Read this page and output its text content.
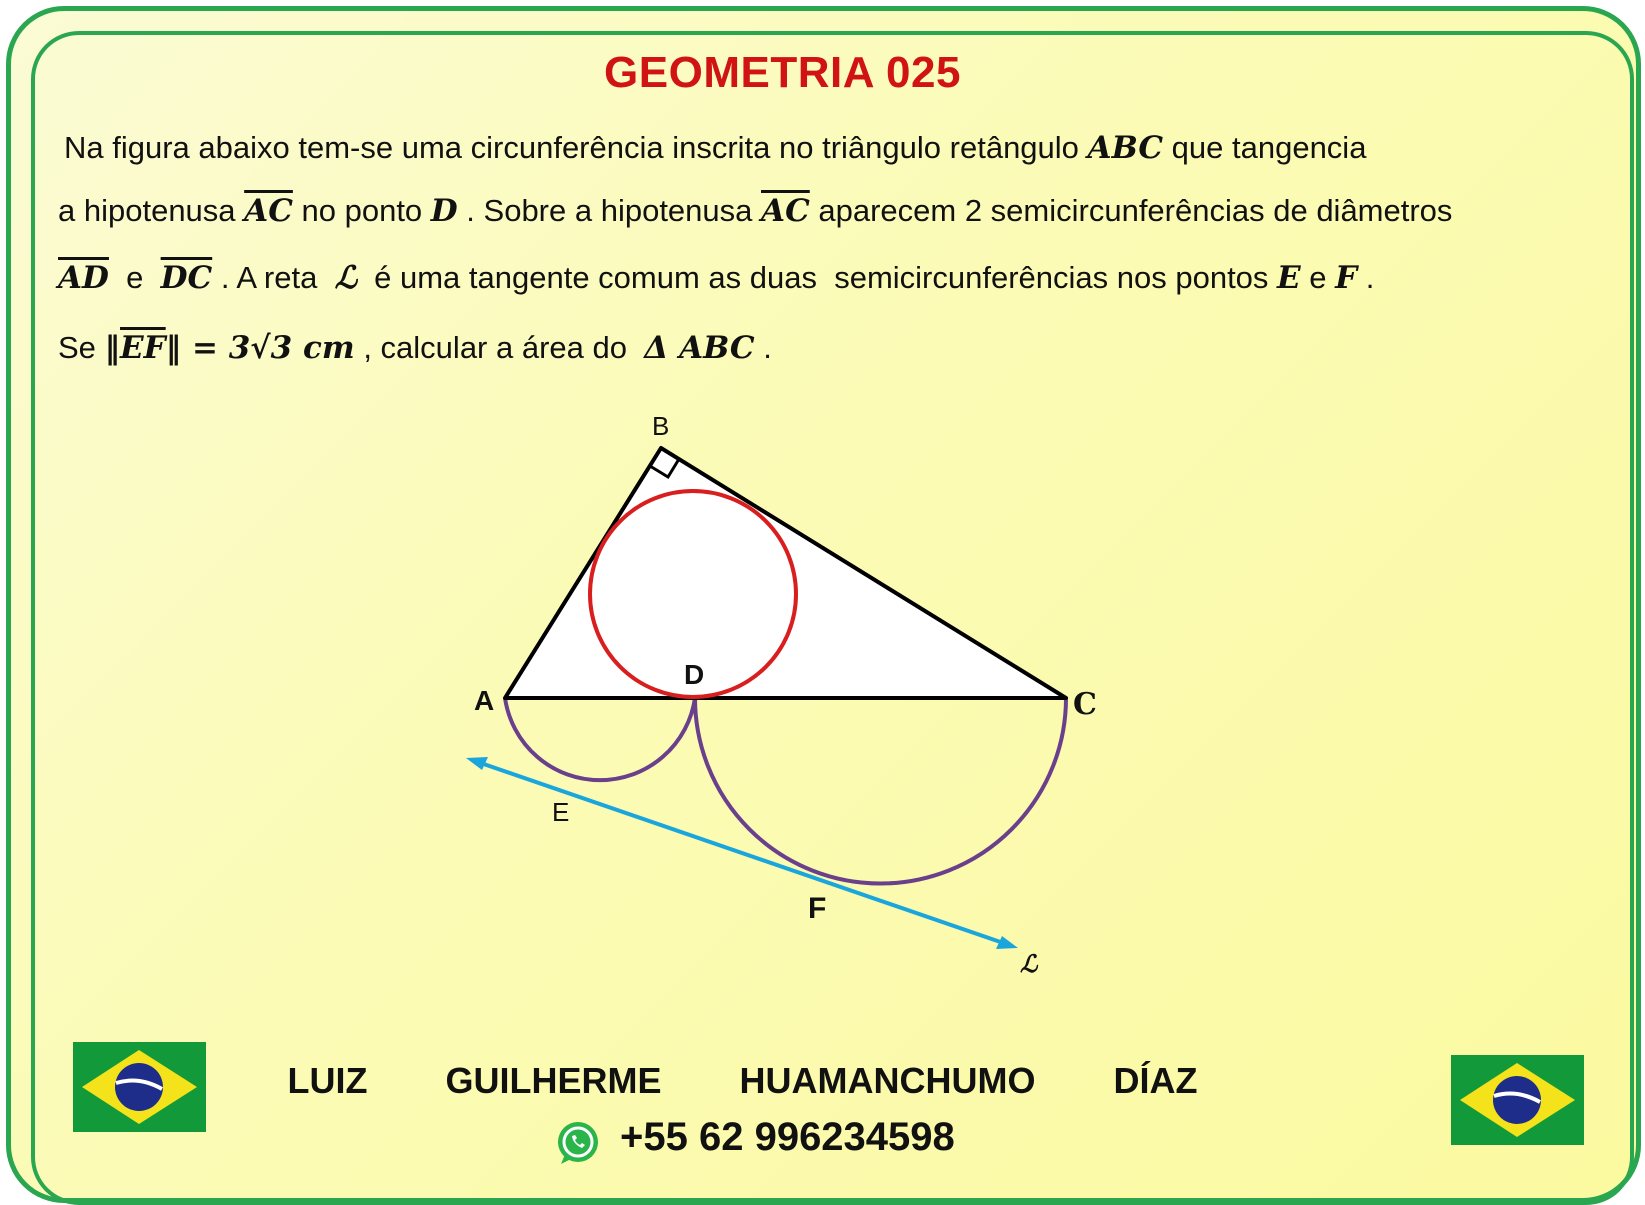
GEOMETRIA 025
Na figura abaixo tem-se uma circunferência inscrita no triângulo retângulo ABC que tangencia
a hipotenusa $\overline{AC}$ no ponto D . Sobre a hipotenusa $\overline{AC}$ aparecem 2 semicircunferências de diâmetros
$\overline{AD}$  e  $\overline{DC}$ . A reta  ℒ  é uma tangente comum as duas  semicircunferências nos pontos E e F .
Se $‖\overline{EF}‖ = 3√3$ cm , calcular a área do  Δ ABC .
B
A	C
D
E
F
ℒ
LUIZ   GUILHERME   HUAMANCHUMO   DÍAZ
+55 62 996234598
